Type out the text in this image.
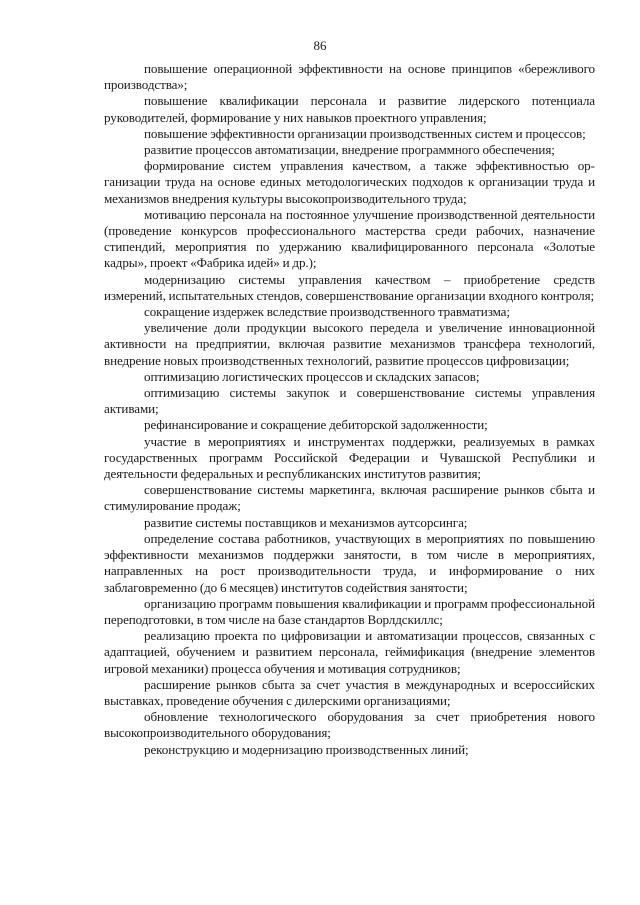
86

повышение операционной эффективности на основе принципов «бережливого производства»;

повышение квалификации персонала и развитие лидерского потенциала руководителей, формирование у них навыков проектного управления;

повышение эффективности организации производственных систем и процессов;

развитие процессов автоматизации, внедрение программного обеспечения;

формирование систем управления качеством, а также эффективностью организации труда на основе единых методологических подходов к организации труда и механизмов внедрения культуры высокопроизводительного труда;

мотивацию персонала на постоянное улучшение производственной деятельности (проведение конкурсов профессионального мастерства среди рабочих, назначение стипендий, мероприятия по удержанию квалифицированного персонала «Золотые кадры», проект «Фабрика идей» и др.);

модернизацию системы управления качеством – приобретение средств измерений, испытательных стендов, совершенствование организации входного контроля;

сокращение издержек вследствие производственного травматизма;

увеличение доли продукции высокого передела и увеличение инновационной активности на предприятии, включая развитие механизмов трансфера технологий, внедрение новых производственных технологий, развитие процессов цифровизации;

оптимизацию логистических процессов и складских запасов;

оптимизацию системы закупок и совершенствование системы управления активами;

рефинансирование и сокращение дебиторской задолженности;

участие в мероприятиях и инструментах поддержки, реализуемых в рамках государственных программ Российской Федерации и Чувашской Республики и деятельности федеральных и республиканских институтов развития;

совершенствование системы маркетинга, включая расширение рынков сбыта и стимулирование продаж;

развитие системы поставщиков и механизмов аутсорсинга;

определение состава работников, участвующих в мероприятиях по повышению эффективности механизмов поддержки занятости, в том числе в мероприятиях, направленных на рост производительности труда, и информирование о них заблаговременно (до 6 месяцев) институтов содействия занятости;

организацию программ повышения квалификации и программ профессиональной переподготовки, в том числе на базе стандартов Ворлдскиллс;

реализацию проекта по цифровизации и автоматизации процессов, связанных с адаптацией, обучением и развитием персонала, геймификация (внедрение элементов игровой механики) процесса обучения и мотивация сотрудников;

расширение рынков сбыта за счет участия в международных и всероссийских выставках, проведение обучения с дилерскими организациями;

обновление технологического оборудования за счет приобретения нового высокопроизводительного оборудования;

реконструкцию и модернизацию производственных линий;
